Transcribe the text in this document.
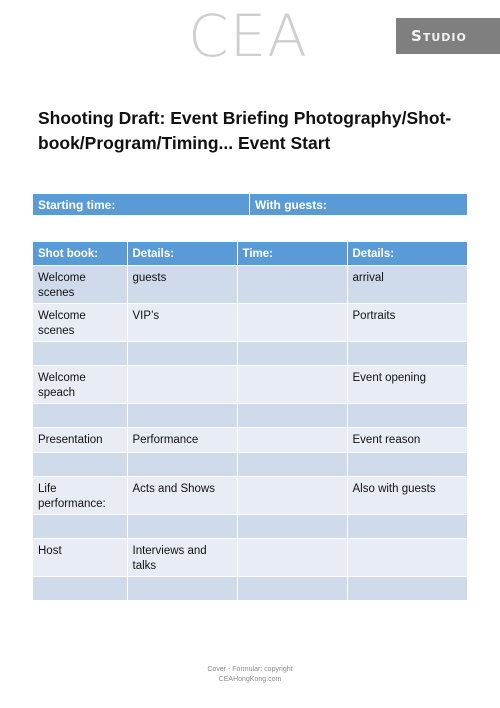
CEA	S tudio
Shooting Draft: Event Briefing Photography/Shot-book/Program/Timing... Event Start
Starting time:	With guests:
Shot book:	Details:	Time:	Details:
Welcome scenes	guests		arrival
Welcome scenes	VIP’s		Portraits

Welcome speach			Event opening

Presentation	Performance		Event reason

Life performance:	Acts and Shows		Also with guests

Host	Interviews and talks		

Cover - Formular: copyright
CEAHongKong.com
